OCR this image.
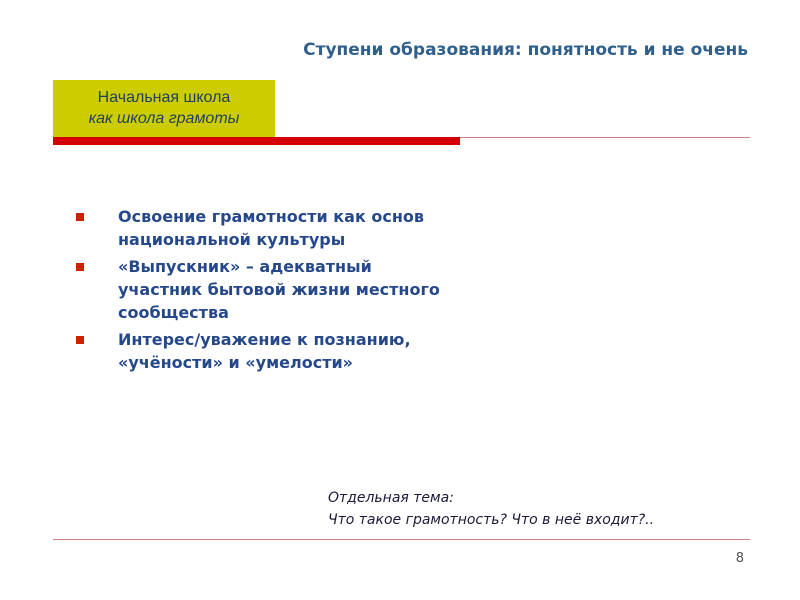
Ступени образования: понятность и не очень
Начальная школа
как школа грамоты
Освоение грамотности как основ
национальной культуры
«Выпускник» – адекватный
участник бытовой жизни местного
сообщества
Интерес/уважение к познанию,
«учёности» и «умелости»
Отдельная тема:
Что такое грамотность? Что в неё входит?..
8
